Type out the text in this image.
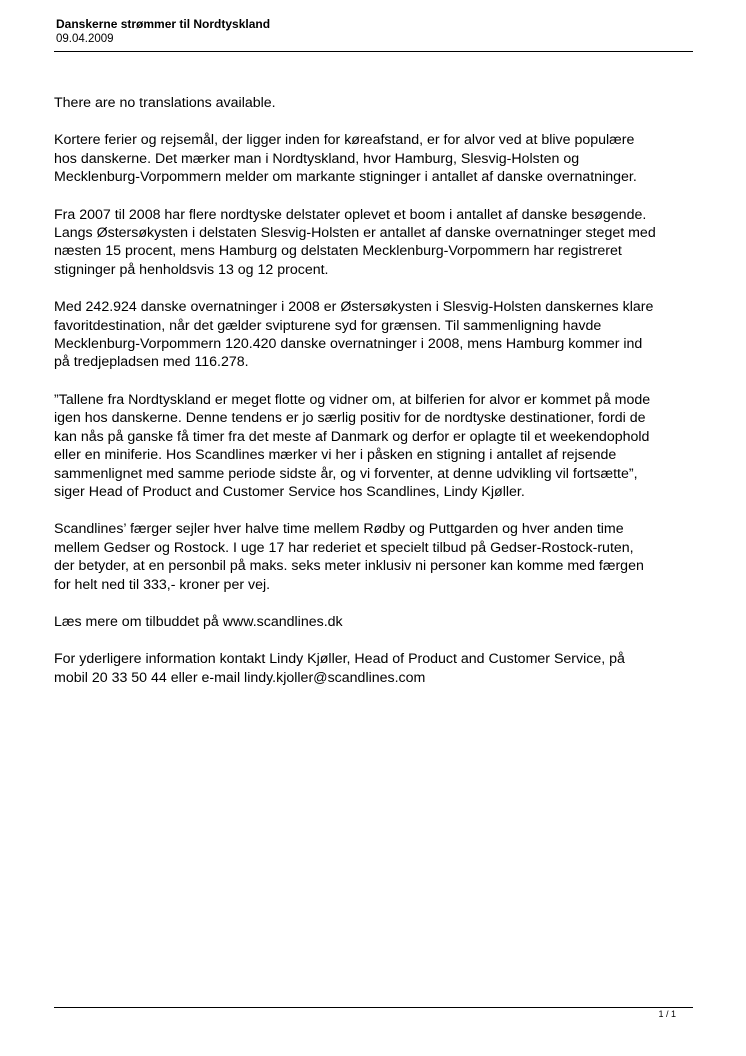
Danskerne strømmer til Nordtyskland

09.04.2009

There are no translations available.

Kortere ferier og rejsemål, der ligger inden for køreafstand, er for alvor ved at blive populære
hos danskerne. Det mærker man i Nordtyskland, hvor Hamburg, Slesvig-Holsten og
Mecklenburg-Vorpommern melder om markante stigninger i antallet af danske overnatninger.

Fra 2007 til 2008 har flere nordtyske delstater oplevet et boom i antallet af danske besøgende.
Langs Østersøkysten i delstaten Slesvig-Holsten er antallet af danske overnatninger steget med
næsten 15 procent, mens Hamburg og delstaten Mecklenburg-Vorpommern har registreret
stigninger på henholdsvis 13 og 12 procent.

Med 242.924 danske overnatninger i 2008 er Østersøkysten i Slesvig-Holsten danskernes klare
favoritdestination, når det gælder svipturene syd for grænsen. Til sammenligning havde
Mecklenburg-Vorpommern 120.420 danske overnatninger i 2008, mens Hamburg kommer ind
på tredjepladsen med 116.278.

”Tallene fra Nordtyskland er meget flotte og vidner om, at bilferien for alvor er kommet på mode
igen hos danskerne. Denne tendens er jo særlig positiv for de nordtyske destinationer, fordi de
kan nås på ganske få timer fra det meste af Danmark og derfor er oplagte til et weekendophold
eller en miniferie. Hos Scandlines mærker vi her i påsken en stigning i antallet af rejsende
sammenlignet med samme periode sidste år, og vi forventer, at denne udvikling vil fortsætte”,
siger Head of Product and Customer Service hos Scandlines, Lindy Kjøller.

Scandlines’ færger sejler hver halve time mellem Rødby og Puttgarden og hver anden time
mellem Gedser og Rostock. I uge 17 har rederiet et specielt tilbud på Gedser-Rostock-ruten,
der betyder, at en personbil på maks. seks meter inklusiv ni personer kan komme med færgen
for helt ned til 333,- kroner per vej.

Læs mere om tilbuddet på www.scandlines.dk

For yderligere information kontakt Lindy Kjøller, Head of Product and Customer Service, på
mobil 20 33 50 44 eller e-mail lindy.kjoller@scandlines.com

1 / 1
